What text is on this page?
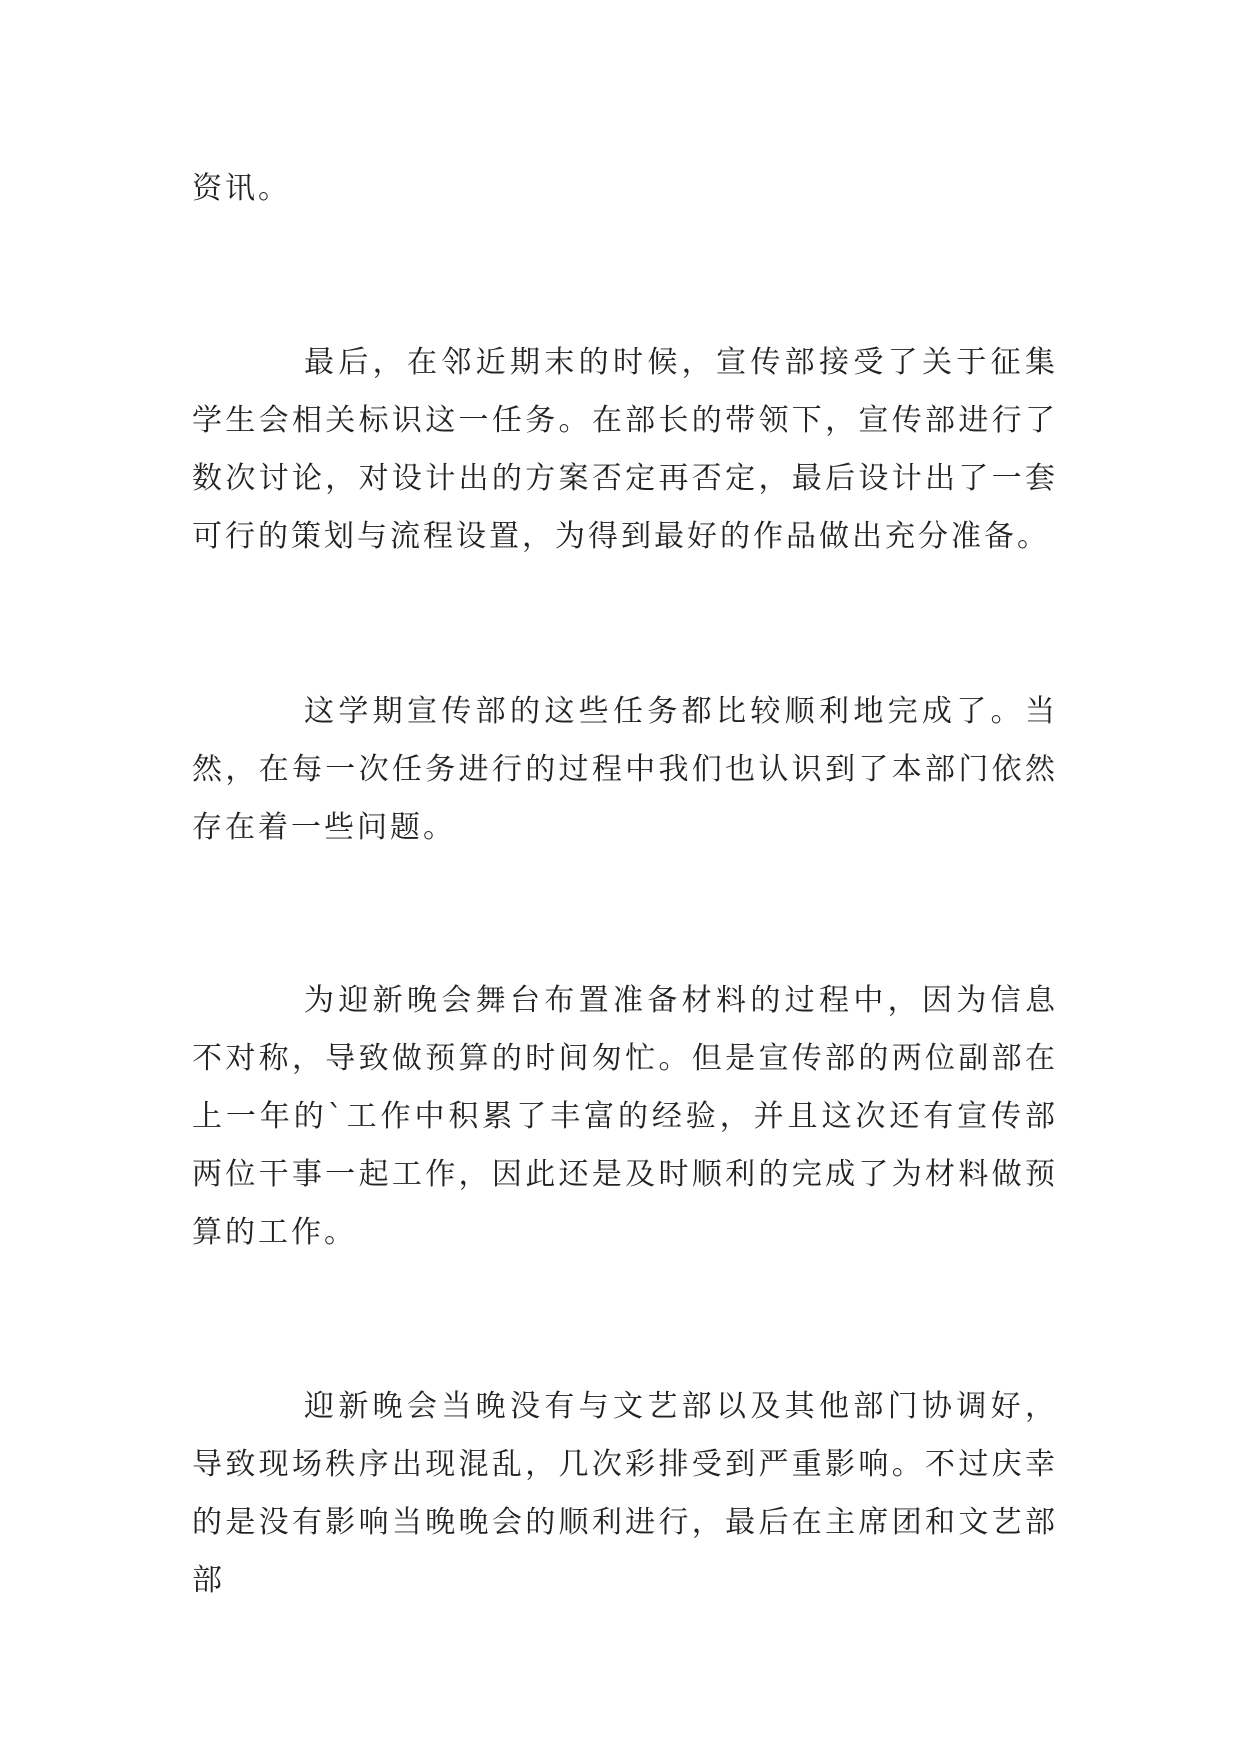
资讯。

最后，在邻近期末的时候，宣传部接受了关于征集学生会相关标识这一任务。在部长的带领下，宣传部进行了数次讨论，对设计出的方案否定再否定，最后设计出了一套可行的策划与流程设置，为得到最好的作品做出充分准备。

这学期宣传部的这些任务都比较顺利地完成了。当然，在每一次任务进行的过程中我们也认识到了本部门依然存在着一些问题。

为迎新晚会舞台布置准备材料的过程中，因为信息不对称，导致做预算的时间匆忙。但是宣传部的两位副部在上一年的`工作中积累了丰富的经验，并且这次还有宣传部两位干事一起工作，因此还是及时顺利的完成了为材料做预算的工作。

迎新晚会当晚没有与文艺部以及其他部门协调好，导致现场秩序出现混乱，几次彩排受到严重影响。不过庆幸的是没有影响当晚晚会的顺利进行，最后在主席团和文艺部部
